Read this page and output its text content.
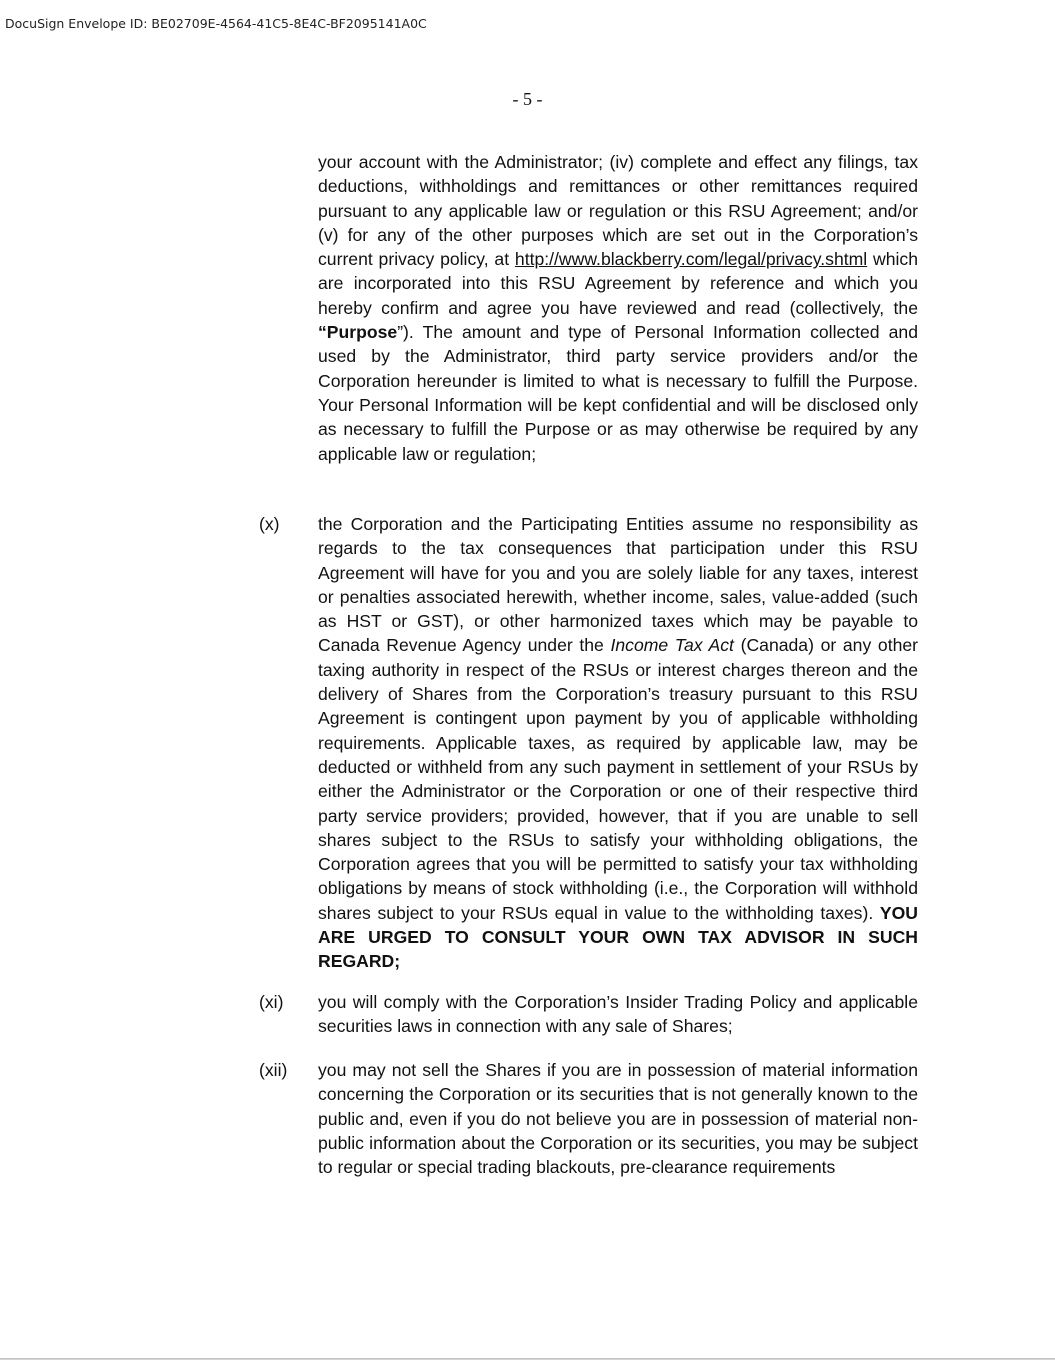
DocuSign Envelope ID: BE02709E-4564-41C5-8E4C-BF2095141A0C
- 5 -
your account with the Administrator; (iv) complete and effect any filings, tax deductions, withholdings and remittances or other remittances required pursuant to any applicable law or regulation or this RSU Agreement; and/or (v) for any of the other purposes which are set out in the Corporation’s current privacy policy, at http://www.blackberry.com/legal/privacy.shtml which are incorporated into this RSU Agreement by reference and which you hereby confirm and agree you have reviewed and read (collectively, the “Purpose”). The amount and type of Personal Information collected and used by the Administrator, third party service providers and/or the Corporation hereunder is limited to what is necessary to fulfill the Purpose. Your Personal Information will be kept confidential and will be disclosed only as necessary to fulfill the Purpose or as may otherwise be required by any applicable law or regulation;
(x) the Corporation and the Participating Entities assume no responsibility as regards to the tax consequences that participation under this RSU Agreement will have for you and you are solely liable for any taxes, interest or penalties associated herewith, whether income, sales, value-added (such as HST or GST), or other harmonized taxes which may be payable to Canada Revenue Agency under the Income Tax Act (Canada) or any other taxing authority in respect of the RSUs or interest charges thereon and the delivery of Shares from the Corporation’s treasury pursuant to this RSU Agreement is contingent upon payment by you of applicable withholding requirements. Applicable taxes, as required by applicable law, may be deducted or withheld from any such payment in settlement of your RSUs by either the Administrator or the Corporation or one of their respective third party service providers; provided, however, that if you are unable to sell shares subject to the RSUs to satisfy your withholding obligations, the Corporation agrees that you will be permitted to satisfy your tax withholding obligations by means of stock withholding (i.e., the Corporation will withhold shares subject to your RSUs equal in value to the withholding taxes). YOU ARE URGED TO CONSULT YOUR OWN TAX ADVISOR IN SUCH REGARD;
(xi) you will comply with the Corporation’s Insider Trading Policy and applicable securities laws in connection with any sale of Shares;
(xii) you may not sell the Shares if you are in possession of material information concerning the Corporation or its securities that is not generally known to the public and, even if you do not believe you are in possession of material non-public information about the Corporation or its securities, you may be subject to regular or special trading blackouts, pre-clearance requirements
